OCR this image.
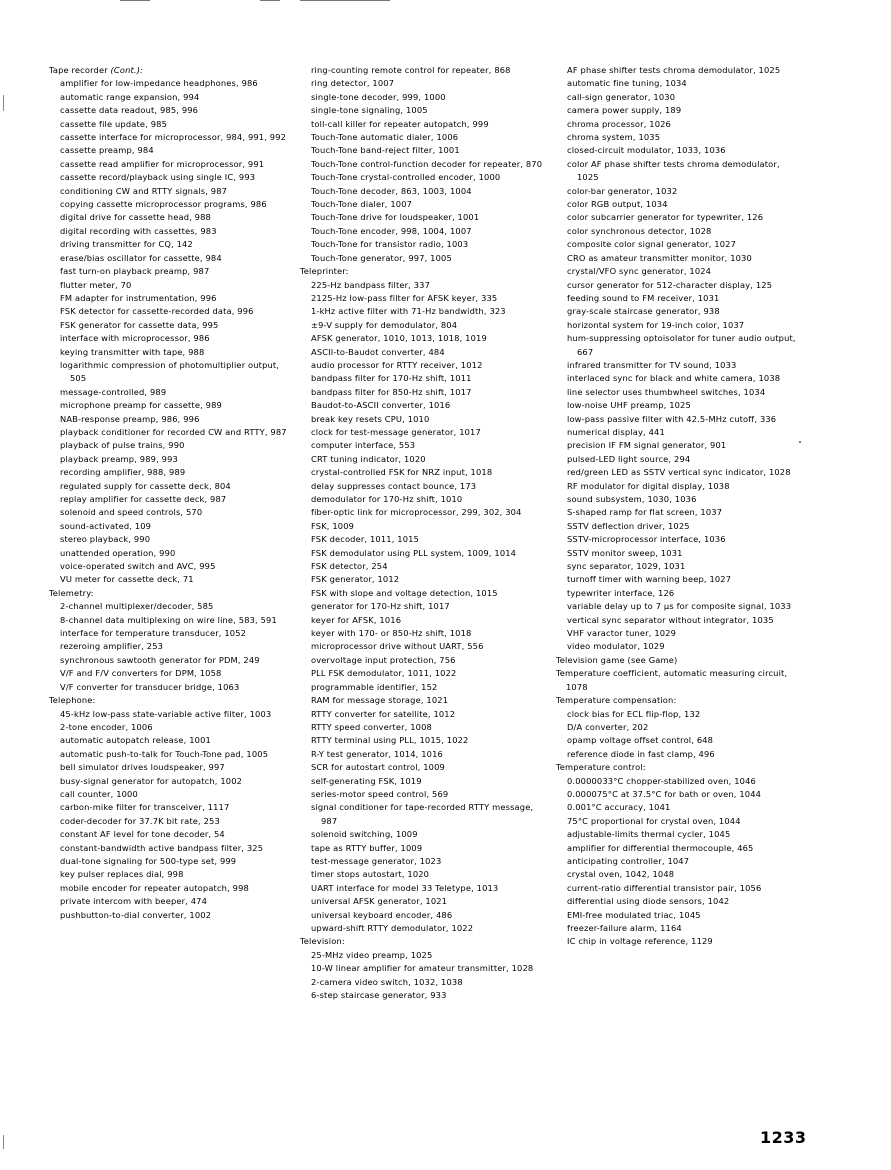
Tape recorder (Cont.):
amplifier for low-impedance headphones, 986
automatic range expansion, 994
cassette data readout, 985, 996
cassette file update, 985
cassette interface for microprocessor, 984, 991, 992
cassette preamp, 984
cassette read amplifier for microprocessor, 991
cassette record/playback using single IC, 993
conditioning CW and RTTY signals, 987
copying cassette microprocessor programs, 986
digital drive for cassette head, 988
digital recording with cassettes, 983
driving transmitter for CQ, 142
erase/bias oscillator for cassette, 984
fast turn-on playback preamp, 987
flutter meter, 70
FM adapter for instrumentation, 996
FSK detector for cassette-recorded data, 996
FSK generator for cassette data, 995
interface with microprocessor, 986
keying transmitter with tape, 988
logarithmic compression of photomultiplier output, 505
message-controlled, 989
microphone preamp for cassette, 989
NAB-response preamp, 986, 996
playback conditioner for recorded CW and RTTY, 987
playback of pulse trains, 990
playback preamp, 989, 993
recording amplifier, 988, 989
regulated supply for cassette deck, 804
replay amplifier for cassette deck, 987
solenoid and speed controls, 570
sound-activated, 109
stereo playback, 990
unattended operation, 990
voice-operated switch and AVC, 995
VU meter for cassette deck, 71
Telemetry:
2-channel multiplexer/decoder, 585
8-channel data multiplexing on wire line, 583, 591
interface for temperature transducer, 1052
rezeroing amplifier, 253
synchronous sawtooth generator for PDM, 249
V/F and F/V converters for DPM, 1058
V/F converter for transducer bridge, 1063
Telephone:
45-kHz low-pass state-variable active filter, 1003
2-tone encoder, 1006
automatic autopatch release, 1001
automatic push-to-talk for Touch-Tone pad, 1005
bell simulator drives loudspeaker, 997
busy-signal generator for autopatch, 1002
call counter, 1000
carbon-mike filter for transceiver, 1117
coder-decoder for 37.7K bit rate, 253
constant AF level for tone decoder, 54
constant-bandwidth active bandpass filter, 325
dual-tone signaling for 500-type set, 999
key pulser replaces dial, 998
mobile encoder for repeater autopatch, 998
private intercom with beeper, 474
pushbutton-to-dial converter, 1002
ring-counting remote control for repeater, 868
ring detector, 1007
single-tone decoder, 999, 1000
single-tone signaling, 1005
toll-call killer for repeater autopatch, 999
Touch-Tone automatic dialer, 1006
Touch-Tone band-reject filter, 1001
Touch-Tone control-function decoder for repeater, 870
Touch-Tone crystal-controlled encoder, 1000
Touch-Tone decoder, 863, 1003, 1004
Touch-Tone dialer, 1007
Touch-Tone drive for loudspeaker, 1001
Touch-Tone encoder, 998, 1004, 1007
Touch-Tone for transistor radio, 1003
Touch-Tone generator, 997, 1005
Teleprinter:
225-Hz bandpass filter, 337
2125-Hz low-pass filter for AFSK keyer, 335
1-kHz active filter with 71-Hz bandwidth, 323
±9-V supply for demodulator, 804
AFSK generator, 1010, 1013, 1018, 1019
ASCII-to-Baudot converter, 484
audio processor for RTTY receiver, 1012
bandpass filter for 170-Hz shift, 1011
bandpass filter for 850-Hz shift, 1017
Baudot-to-ASCII converter, 1016
break key resets CPU, 1010
clock for test-message generator, 1017
computer interface, 553
CRT tuning indicator, 1020
crystal-controlled FSK for NRZ input, 1018
delay suppresses contact bounce, 173
demodulator for 170-Hz shift, 1010
fiber-optic link for microprocessor, 299, 302, 304
FSK, 1009
FSK decoder, 1011, 1015
FSK demodulator using PLL system, 1009, 1014
FSK detector, 254
FSK generator, 1012
FSK with slope and voltage detection, 1015
generator for 170-Hz shift, 1017
keyer for AFSK, 1016
keyer with 170- or 850-Hz shift, 1018
microprocessor drive without UART, 556
overvoltage input protection, 756
PLL FSK demodulator, 1011, 1022
programmable identifier, 152
RAM for message storage, 1021
RTTY converter for satellite, 1012
RTTY speed converter, 1008
RTTY terminal using PLL, 1015, 1022
R-Y test generator, 1014, 1016
SCR for autostart control, 1009
self-generating FSK, 1019
series-motor speed control, 569
signal conditioner for tape-recorded RTTY message, 987
solenoid switching, 1009
tape as RTTY buffer, 1009
test-message generator, 1023
timer stops autostart, 1020
UART interface for model 33 Teletype, 1013
universal AFSK generator, 1021
universal keyboard encoder, 486
upward-shift RTTY demodulator, 1022
Television:
25-MHz video preamp, 1025
10-W linear amplifier for amateur transmitter, 1028
2-camera video switch, 1032, 1038
6-step staircase generator, 933
AF phase shifter tests chroma demodulator, 1025
automatic fine tuning, 1034
call-sign generator, 1030
camera power supply, 189
chroma processor, 1026
chroma system, 1035
closed-circuit modulator, 1033, 1036
color AF phase shifter tests chroma demodulator, 1025
color-bar generator, 1032
color RGB output, 1034
color subcarrier generator for typewriter, 126
color synchronous detector, 1028
composite color signal generator, 1027
CRO as amateur transmitter monitor, 1030
crystal/VFO sync generator, 1024
cursor generator for 512-character display, 125
feeding sound to FM receiver, 1031
gray-scale staircase generator, 938
horizontal system for 19-inch color, 1037
hum-suppressing optoisolator for tuner audio output, 667
infrared transmitter for TV sound, 1033
interlaced sync for black and white camera, 1038
line selector uses thumbwheel switches, 1034
low-noise UHF preamp, 1025
low-pass passive filter with 42.5-MHz cutoff, 336
numerical display, 441
precision IF FM signal generator, 901
pulsed-LED light source, 294
red/green LED as SSTV vertical sync indicator, 1028
RF modulator for digital display, 1038
sound subsystem, 1030, 1036
S-shaped ramp for flat screen, 1037
SSTV deflection driver, 1025
SSTV-microprocessor interface, 1036
SSTV monitor sweep, 1031
sync separator, 1029, 1031
turnoff timer with warning beep, 1027
typewriter interface, 126
variable delay up to 7 µs for composite signal, 1033
vertical sync separator without integrator, 1035
VHF varactor tuner, 1029
video modulator, 1029
Television game (see Game)
Temperature coefficient, automatic measuring circuit, 1078
Temperature compensation:
clock bias for ECL flip-flop, 132
D/A converter, 202
opamp voltage offset control, 648
reference diode in fast clamp, 496
Temperature control:
0.0000033°C chopper-stabilized oven, 1046
0.000075°C at 37.5°C for bath or oven, 1044
0.001°C accuracy, 1041
75°C proportional for crystal oven, 1044
adjustable-limits thermal cycler, 1045
amplifier for differential thermocouple, 465
anticipating controller, 1047
crystal oven, 1042, 1048
current-ratio differential transistor pair, 1056
differential using diode sensors, 1042
EMI-free modulated triac, 1045
freezer-failure alarm, 1164
IC chip in voltage reference, 1129
1233
